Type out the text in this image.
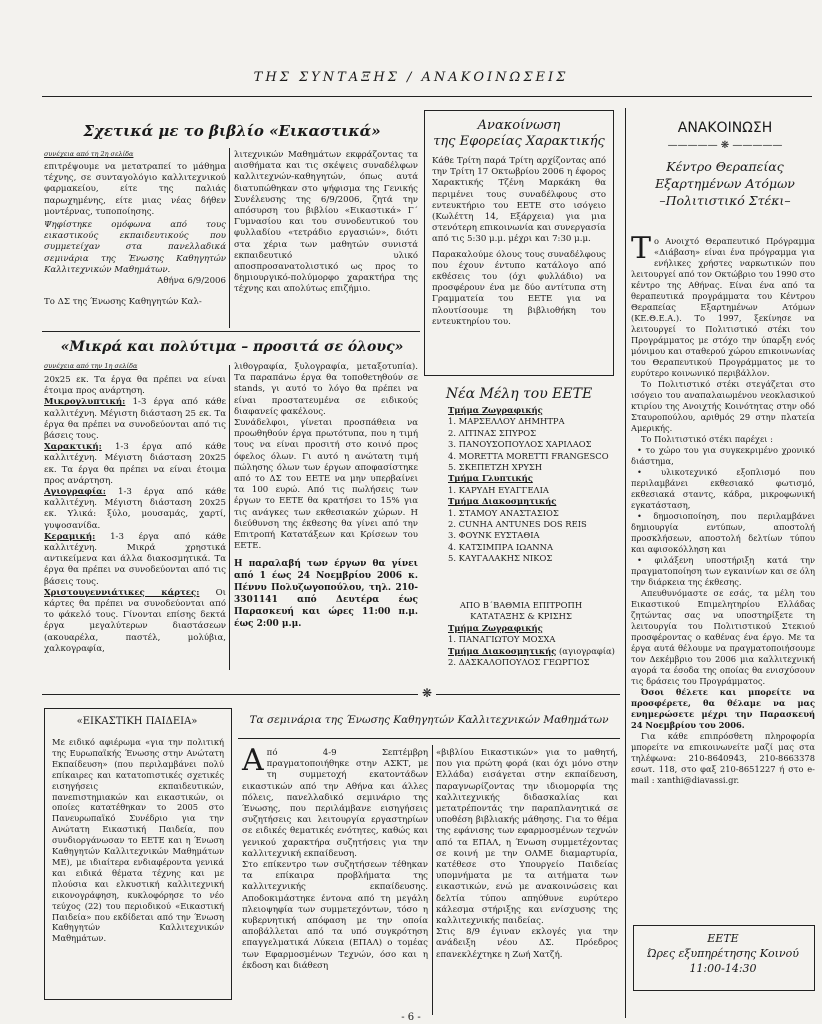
ΤΗΣ ΣΥΝΤΑΞΗΣ / ΑΝΑΚΟΙΝΩΣΕΙΣ
Σχετικά με το βιβλίο «Εικαστικά»
συνέχεια από τη 2η σελίδα

επιτρέψουμε να μετατραπεί το μάθημα τέχνης, σε συνταγολόγιο καλλιτεχνικού φαρμακείου, είτε της παλιάς παρωχημένης, είτε μιας νέας δήθεν μοντέρνας, τυποποίησης.

Ψηφίστηκε ομόφωνα από τους εικαστικούς εκπαιδευτικούς που συμμετείχαν στα πανελλαδικά σεμινάρια της Ένωσης Καθηγητών Καλλιτεχνικών Μαθημάτων.

Αθήνα 6/9/2006

Το ΔΣ της Ένωσης Καθηγητών Καλ-

λιτεχνικών Μαθημάτων εκφράζοντας τα αισθήματα και τις σκέψεις συναδέλφων καλλιτεχνών-καθηγητών, όπως αυτά διατυπώθηκαν στο ψήφισμα της Γενικής Συνέλευσης της 6/9/2006, ζητά την απόσυρση του βιβλίου «Εικαστικά» Γ΄ Γυμνασίου και του συνοδευτικού του φυλλαδίου «τετράδιο εργασιών», διότι στα χέρια των μαθητών συνιστά εκπαιδευτικό υλικό αποσπροσανατολιστικό ως προς το δημιουργικό-πολύμορφο χαρακτήρα της τέχνης και απολύτως επιζήμιο.

«Μικρά και πολύτιμα – προσιτά σε όλους»
συνέχεια από την 1η σελίδα

20x25 εκ. Τα έργα θα πρέπει να είναι έτοιμα προς ανάρτηση.

Μικρογλυπτική: 1-3 έργα από κάθε καλλιτέχνη. Μέγιστη διάσταση 25 εκ. Τα έργα θα πρέπει να συνοδεύονται από τις βάσεις τους.

Χαρακτική: 1-3 έργα από κάθε καλλιτέχνη. Μέγιστη διάσταση 20x25 εκ. Τα έργα θα πρέπει να είναι έτοιμα προς ανάρτηση.

Αγιογραφία: 1-3 έργα από κάθε καλλιτέχνη. Μέγιστη διάσταση 20x25 εκ. Υλικά: ξύλο, μουσαμάς, χαρτί, γυψοσανίδα.

Κεραμική: 1-3 έργα από κάθε καλλιτέχνη. Μικρά χρηστικά αντικείμενα και άλλα διακοσμητικά. Τα έργα θα πρέπει να συνοδεύονται από τις βάσεις τους.

Χριστουγεννιάτικες κάρτες: Οι κάρτες θα πρέπει να συνοδεύονται από το φάκελό τους. Γίνονται επίσης δεκτά έργα μεγαλύτερων διαστάσεων (ακουαρέλα, παστέλ, μολύβια, χαλκογραφία,

λιθογραφία, ξυλογραφία, μεταξοτυπία). Τα παραπάνω έργα θα τοποθετηθούν σε stands, γι αυτό το λόγο θα πρέπει να είναι προστατευμένα σε ειδικούς διαφανείς φακέλους.

Συνάδελφοι, γίνεται προσπάθεια να προωθηθούν έργα πρωτότυπα, που η τιμή τους να είναι προσιτή στο κοινό προς όφελος όλων. Γι αυτό η ανώτατη τιμή πώλησης όλων των έργων αποφασίστηκε από το ΔΣ του ΕΕΤΕ να μην υπερβαίνει τα 100 ευρώ. Από τις πωλήσεις των έργων το ΕΕΤΕ θα κρατήσει το 15% για τις ανάγκες των εκθεσιακών χώρων. Η διεύθυνση της έκθεσης θα γίνει από την Επιτροπή Κατατάξεων και Κρίσεων του ΕΕΤΕ.

Η παραλαβή των έργων θα γίνει από 1 έως 24 Νοεμβρίου 2006 κ. Πέννυ Πολυζωγοπούλου, τηλ. 210-3301141 από Δευτέρα έως Παρασκευή και ώρες 11:00 π.μ. έως 2:00 μ.μ.

Ανακοίνωση
της Εφορείας Χαρακτικής

Κάθε Τρίτη παρά Τρίτη αρχίζοντας από την Τρίτη 17 Οκτωβρίου 2006 η έφορος Χαρακτικής Τζένη Μαρκάκη θα περιμένει τους συναδέλφους στο εντευκτήριο του ΕΕΤΕ στο ισόγειο (Κωλέττη 14, Εξάρχεια) για μια στενότερη επικοινωνία και συνεργασία από τις 5:30 μ.μ. μέχρι και 7:30 μ.μ.

Παρακαλούμε όλους τους συναδέλφους που έχουν έντυπο κατάλογο από εκθέσεις του (όχι φυλλάδιο) να προσφέρουν ένα με δύο αντίτυπα στη Γραμματεία του ΕΕΤΕ για να πλουτίσουμε τη βιβλιοθήκη του εντευκτηρίου του.

Νέα Μέλη του ΕΕΤΕ
Τμήμα Ζωγραφικής
1. ΜΑΡΣΕΛΛΟΥ ΔΗΜΗΤΡΑ
2. ΛΙΤΙΝΑΣ ΣΠΥΡΟΣ
3. ΠΑΝΟΥΣΟΠΟΥΛΟΣ ΧΑΡΙΛΑΟΣ
4. MORETTA MORETTI FRANGESCO
5. ΣΚΕΠΕΤΖΗ ΧΡΥΣΗ
Τμήμα Γλυπτικής
1. ΚΑΡΥΔΗ ΕΥΑΓΓΕΛΙΑ
Τμήμα Διακοσμητικής
1. ΣΤΑΜΟΥ ΑΝΑΣΤΑΣΙΟΣ
2. CUNHA ANTUNES DOS REIS
3. ΦΟΥΝΚ ΕΥΣΤΑΘΙΑ
4. ΚΑΤΣΙΜΠΡΑ ΙΩΑΝΝΑ
5. ΚΑΥΓΑΛΑΚΗΣ ΝΙΚΟΣ
ΑΠΟ Β΄ΒΑΘΜΙΑ ΕΠΙΤΡΟΠΗ
ΚΑΤΑΤΑΞΗΣ & ΚΡΙΣΗΣ
Τμήμα Ζωγραφικής
1. ΠΑΝΑΓΙΩΤΟΥ ΜΟΣΧΑ
Τμήμα Διακοσμητικής (αγιογραφία)
2. ΔΑΣΚΑΛΟΠΟΥΛΟΣ ΓΕΩΡΓΙΟΣ
❋
«ΕΙΚΑΣΤΙΚΗ ΠΑΙΔΕΙΑ»

Με ειδικό αφιέρωμα «για την πολιτική της Ευρωπαϊκής Ένωσης στην Ανώτατη Εκπαίδευση» (που περιλαμβάνει πολύ επίκαιρες και κατατοπιστικές σχετικές εισηγήσεις εκπαιδευτικών, πανεπιστημιακών και εικαστικών, οι οποίες κατατέθηκαν το 2005 στο Πανευρωπαϊκό Συνέδριο για την Ανώτατη Εικαστική Παιδεία, που συνδιοργάνωσαν το ΕΕΤΕ και η Ένωση Καθηγητών Καλλιτεχνικών Μαθημάτων ΜΕ), με ιδιαίτερα ενδιαφέροντα γενικά και ειδικά θέματα τέχνης και με πλούσια και ελκυστική καλλιτεχνική εικονογράφηση, κυκλοφόρησε το νέο τεύχος (22) του περιοδικού «Εικαστική Παιδεία» που εκδίδεται από την Ένωση Καθηγητών Καλλιτεχνικών Μαθημάτων.

Τα σεμινάρια της Ένωσης Καθηγητών Καλλιτεχνικών Μαθημάτων

Από 4-9 Σεπτέμβρη πραγματοποιήθηκε στην ΑΣΚΤ, με τη συμμετοχή εκατοντάδων εικαστικών από την Αθήνα και άλλες πόλεις, πανελλαδικό σεμινάριο της Ένωσης, που περιλάμβανε εισηγήσεις συζητήσεις και λειτουργία εργαστηρίων σε ειδικές θεματικές ενότητες, καθώς και γενικού χαρακτήρα συζητήσεις για την καλλιτεχνική εκπαίδευση.

Στο επίκεντρο των συζητήσεων τέθηκαν τα επίκαιρα προβλήματα της καλλιτεχνικής εκπαίδευσης. Αποδοκιμάστηκε έντονα από τη μεγάλη πλειοψηφία των συμμετεχόντων, τόσο η κυβερνητική απόφαση με την οποία αποβάλλεται από τα υπό συγκρότηση επαγγελματικά Λύκεια (ΕΠΑΛ) ο τομέας των Εφαρμοσμένων Τεχνών, όσο και η έκδοση και διάθεση

«βιβλίου Εικαστικών» για το μαθητή, που για πρώτη φορά (και όχι μόνο στην Ελλάδα) εισάγεται στην εκπαίδευση, παραγνωρίζοντας την ιδιομορφία της καλλιτεχνικής διδασκαλίας και μετατρέποντάς την παραπλανητικά σε υποθέση βιβλιακής μάθησης. Για το θέμα της εφάνισης των εφαρμοσμένων τεχνών από τα ΕΠΑΛ, η Ένωση συμμετέχοντας σε κοινή με την ΟΛΜΕ διαμαρτυρία, κατέθεσε στο Υπουργείο Παιδείας υπομνήματα με τα αιτήματα των εικαστικών, ενώ με ανακοινώσεις και δελτία τύπου απηύθυνε ευρύτερο κάλεσμα στήριξης και ενίσχυσης της καλλιτεχνικής παιδείας.

Στις 8/9 έγιναν εκλογές για την ανάδειξη νέου ΔΣ. Πρόεδρος επανεκλέχτηκε η Ζωή Χατζή.

ΑΝΑΚΟΙΝΩΣΗ
————— ❋ —————
Κέντρο Θεραπείας
Εξαρτημένων Ατόμων
–Πολιτιστικό Στέκι–

Το Ανοιχτό Θεραπευτικό Πρόγραμμα «Διάβαση» είναι ένα πρόγραμμα για ενήλικες χρήστες ναρκωτικών που λειτουργεί από τον Οκτώβριο του 1990 στο κέντρο της Αθήνας. Είναι ένα από τα θεραπευτικά προγράμματα του Κέντρου Θεραπείας Εξαρτημένων Ατόμων (ΚΕ.Θ.Ε.Α.). Το 1997, ξεκίνησε να λειτουργεί το Πολιτιστικό στέκι του Προγράμματος με στόχο την ύπαρξη ενός μόνιμου και σταθερού χώρου επικοινωνίας του Θεραπευτικού Προγράμματος με το ευρύτερο κοινωνικό περιβάλλον.

Το Πολιτιστικό στέκι στεγάζεται στο ισόγειο του αναπαλαιωμένου νεοκλασικού κτιρίου της Ανοιχτής Κοινότητας στην οδό Σταυροπούλου, αριθμός 29 στην πλατεία Αμερικής.

Το Πολιτιστικό στέκι παρέχει :

• το χώρο του για συγκεκριμένο χρονικό διάστημα,

• υλικοτεχνικό εξοπλισμό που περιλαμβάνει εκθεσιακό φωτισμό, εκθεσιακά σταντς, κάδρα, μικροφωνική εγκατάσταση,

• δημοσιοποίηση, που περιλαμβάνει δημιουργία εντύπων, αποστολή προσκλήσεων, αποστολή δελτίων τύπου και αφισοκόλληση και

• φιλάξενη υποστήριξη κατά την πραγματοποίηση των εγκαινίων και σε όλη την διάρκεια της έκθεσης.

Απευθυνόμαστε σε εσάς, τα μέλη του Εικαστικού Επιμελητηρίου Ελλάδας ζητώντας σας να υποστηρίξετε τη λειτουργία του Πολιτιστικού Στεκιού προσφέροντας ο καθένας ένα έργο. Με τα έργα αυτά θέλουμε να πραγματοποιήσουμε τον Δεκέμβριο του 2006 μια καλλιτεχνική αγορά τα έσοδα της οποίας θα ενισχύσουν τις δράσεις του Προγράμματος.

Όσοι θέλετε και μπορείτε να προσφέρετε, θα θέλαμε να μας ενημερώσετε μέχρι την Παρασκευή 24 Νοεμβρίου του 2006.

Για κάθε επιπρόσθετη πληροφορία μπορείτε να επικοινωνείτε μαζί μας στα τηλέφωνα: 210-8640943, 210-8663378 εσωτ. 118, στο φαξ 210-8651227 ή στο e-mail : xanthi@diavassi.gr.

ΕΕΤΕ
Ώρες εξυπηρέτησης Κοινού
11:00-14:30
- 6 -
